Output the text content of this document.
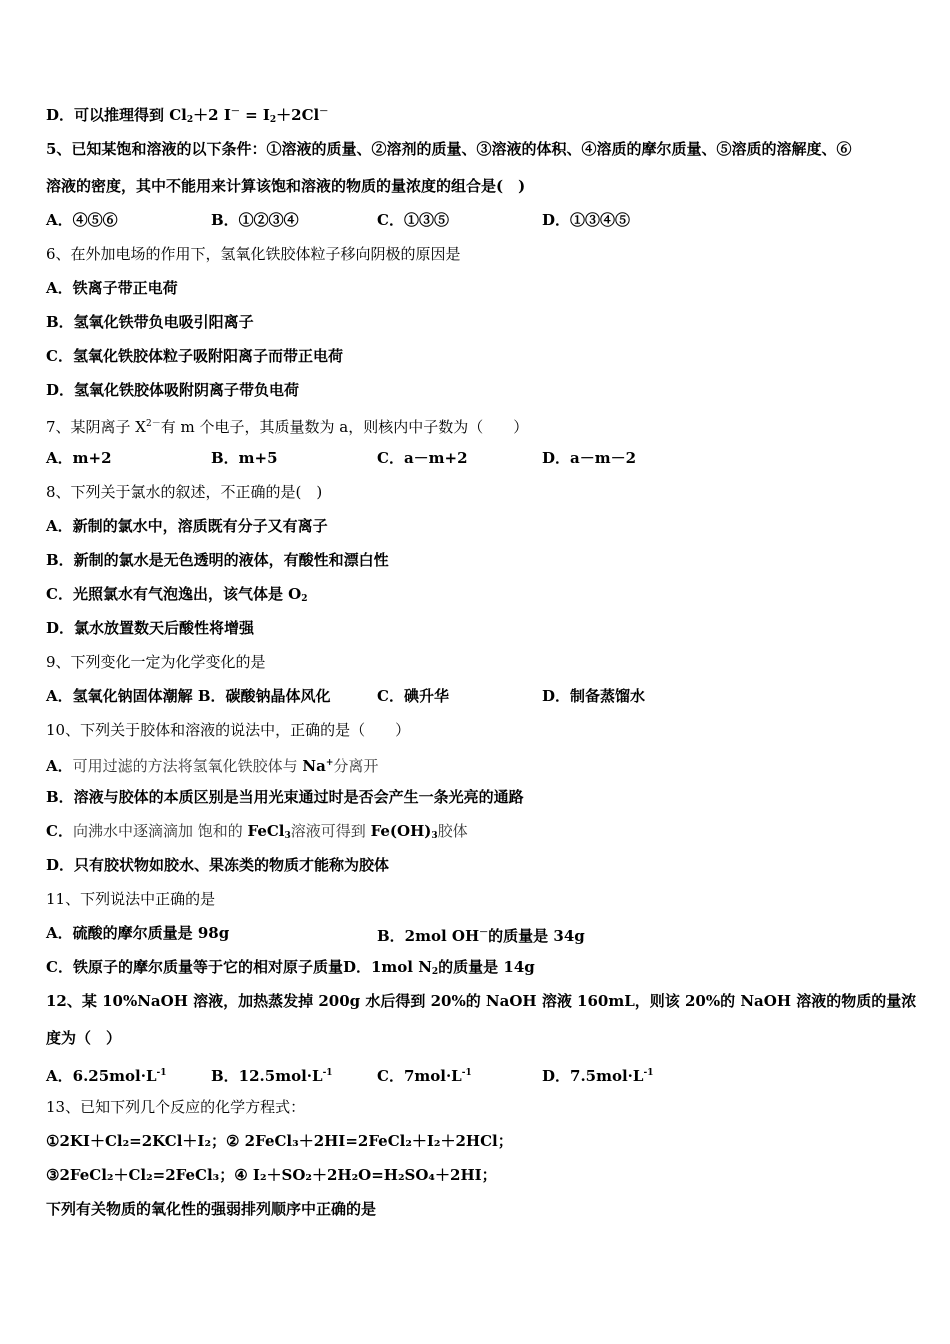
D．可以推理得到 $Cl_2+2$ $I^- = I_2+2Cl^-$
5、已知某饱和溶液的以下条件：①溶液的质量、②溶剂的质量、③溶液的体积、④溶质的摩尔质量、⑤溶质的溶解度、⑥
溶液的密度，其中不能用来计算该饱和溶液的物质的量浓度的组合是(　)
A．④⑤⑥	B．①②③④	C．①③⑤	D．①③④⑤
6、在外加电场的作用下，氢氧化铁胶体粒子移向阴极的原因是
A．铁离子带正电荷
B．氢氧化铁带负电吸引阳离子
C．氢氧化铁胶体粒子吸附阳离子而带正电荷
D．氢氧化铁胶体吸附阴离子带负电荷
7、某阴离子 $X^{2-}$有 m 个电子，其质量数为 a，则核内中子数为（　　）
A．m+2	B．m+5	C．a－m+2	D．a－m－2
8、下列关于氯水的叙述，不正确的是(　)
A．新制的氯水中，溶质既有分子又有离子
B．新制的氯水是无色透明的液体，有酸性和漂白性
C．光照氯水有气泡逸出，该气体是 $O_2$
D．氯水放置数天后酸性将增强
9、下列变化一定为化学变化的是
A．氢氧化钠固体潮解 B．碳酸钠晶体风化	C．碘升华	D．制备蒸馏水
10、下列关于胶体和溶液的说法中，正确的是（　　）
A．可用过滤的方法将氢氧化铁胶体与 Na+分离开
B．溶液与胶体的本质区别是当用光束通过时是否会产生一条光亮的通路
C．向沸水中逐滴滴加 饱和的 FeCl$_3$溶液可得到 $Fe(OH)_3$胶体
D．只有胶状物如胶水、果冻类的物质才能称为胶体
11、下列说法中正确的是
A．硫酸的摩尔质量是 98g	B．2mol OH－的质量是 34g
C．铁原子的摩尔质量等于它的相对原子质量D．1mol $N_2$的质量是 14g
12、某 10%NaOH 溶液，加热蒸发掉 200g 水后得到 20%的 NaOH 溶液 160mL，则该 20%的 NaOH 溶液的物质的量浓
度为（　）
A．$6.25mol\cdot L^{-1}$	B．$12.5mol\cdot L^{-1}$	C．$7mol\cdot L^{-1}$	D．$7.5mol\cdot L^{-1}$
13、已知下列几个反应的化学方程式：
①2KI＋Cl₂=2KCl＋I₂；② 2FeCl₃＋2HI=2FeCl₂＋I₂＋2HCl；
③2FeCl₂＋Cl₂=2FeCl₃；④ I₂＋SO₂＋2H₂O=H₂SO₄＋2HI；
下列有关物质的氧化性的强弱排列顺序中正确的是
